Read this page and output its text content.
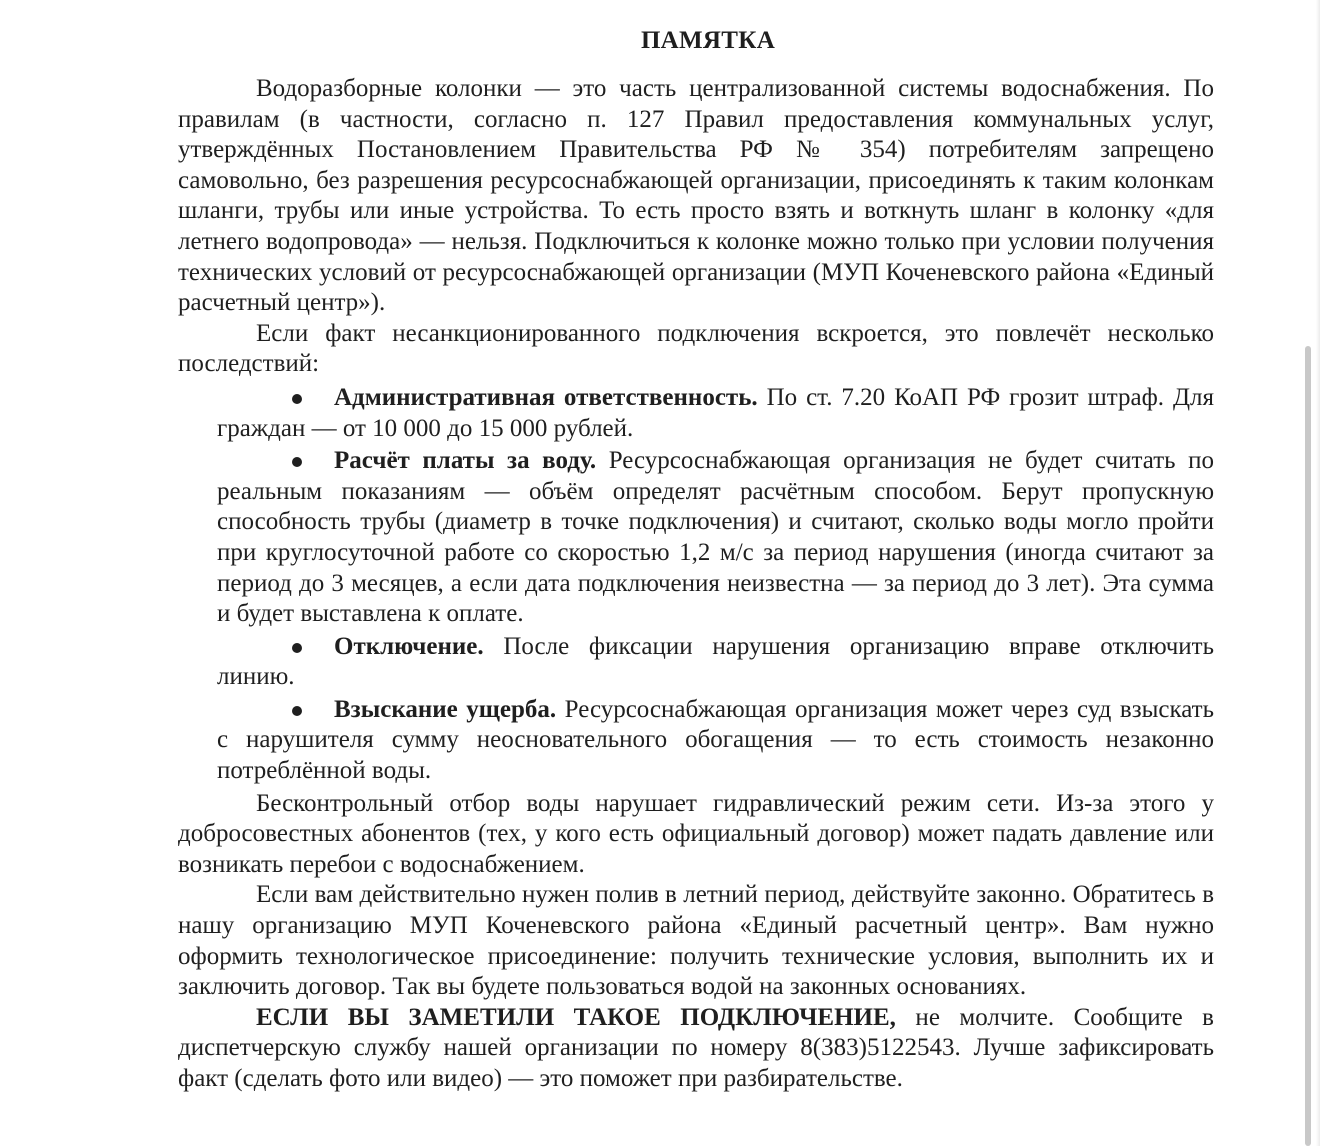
ПАМЯТКА

Водоразборные колонки — это часть централизованной системы водоснабжения. По правилам (в частности, согласно п. 127 Правил предоставления коммунальных услуг, утверждённых Постановлением Правительства РФ № 354) потребителям запрещено самовольно, без разрешения ресурсоснабжающей организации, присоединять к таким колонкам шланги, трубы или иные устройства. То есть просто взять и воткнуть шланг в колонку «для летнего водопровода» — нельзя. Подключиться к колонке можно только при условии получения технических условий от ресурсоснабжающей организации (МУП Коченевского района «Единый расчетный центр»).

Если факт несанкционированного подключения вскроется, это повлечёт несколько последствий:

Административная ответственность. По ст. 7.20 КоАП РФ грозит штраф. Для граждан — от 10 000 до 15 000 рублей.
Расчёт платы за воду. Ресурсоснабжающая организация не будет считать по реальным показаниям — объём определят расчётным способом. Берут пропускную способность трубы (диаметр в точке подключения) и считают, сколько воды могло пройти при круглосуточной работе со скоростью 1,2 м/с за период нарушения (иногда считают за период до 3 месяцев, а если дата подключения неизвестна — за период до 3 лет). Эта сумма и будет выставлена к оплате.
Отключение. После фиксации нарушения организацию вправе отключить линию.
Взыскание ущерба. Ресурсоснабжающая организация может через суд взыскать с нарушителя сумму неосновательного обогащения — то есть стоимость незаконно потреблённой воды.

Бесконтрольный отбор воды нарушает гидравлический режим сети. Из-за этого у добросовестных абонентов (тех, у кого есть официальный договор) может падать давление или возникать перебои с водоснабжением.

Если вам действительно нужен полив в летний период, действуйте законно. Обратитесь в нашу организацию МУП Коченевского района «Единый расчетный центр». Вам нужно оформить технологическое присоединение: получить технические условия, выполнить их и заключить договор. Так вы будете пользоваться водой на законных основаниях.

ЕСЛИ ВЫ ЗАМЕТИЛИ ТАКОЕ ПОДКЛЮЧЕНИЕ, не молчите. Сообщите в диспетчерскую службу нашей организации по номеру 8(383)5122543. Лучше зафиксировать факт (сделать фото или видео) — это поможет при разбирательстве.
